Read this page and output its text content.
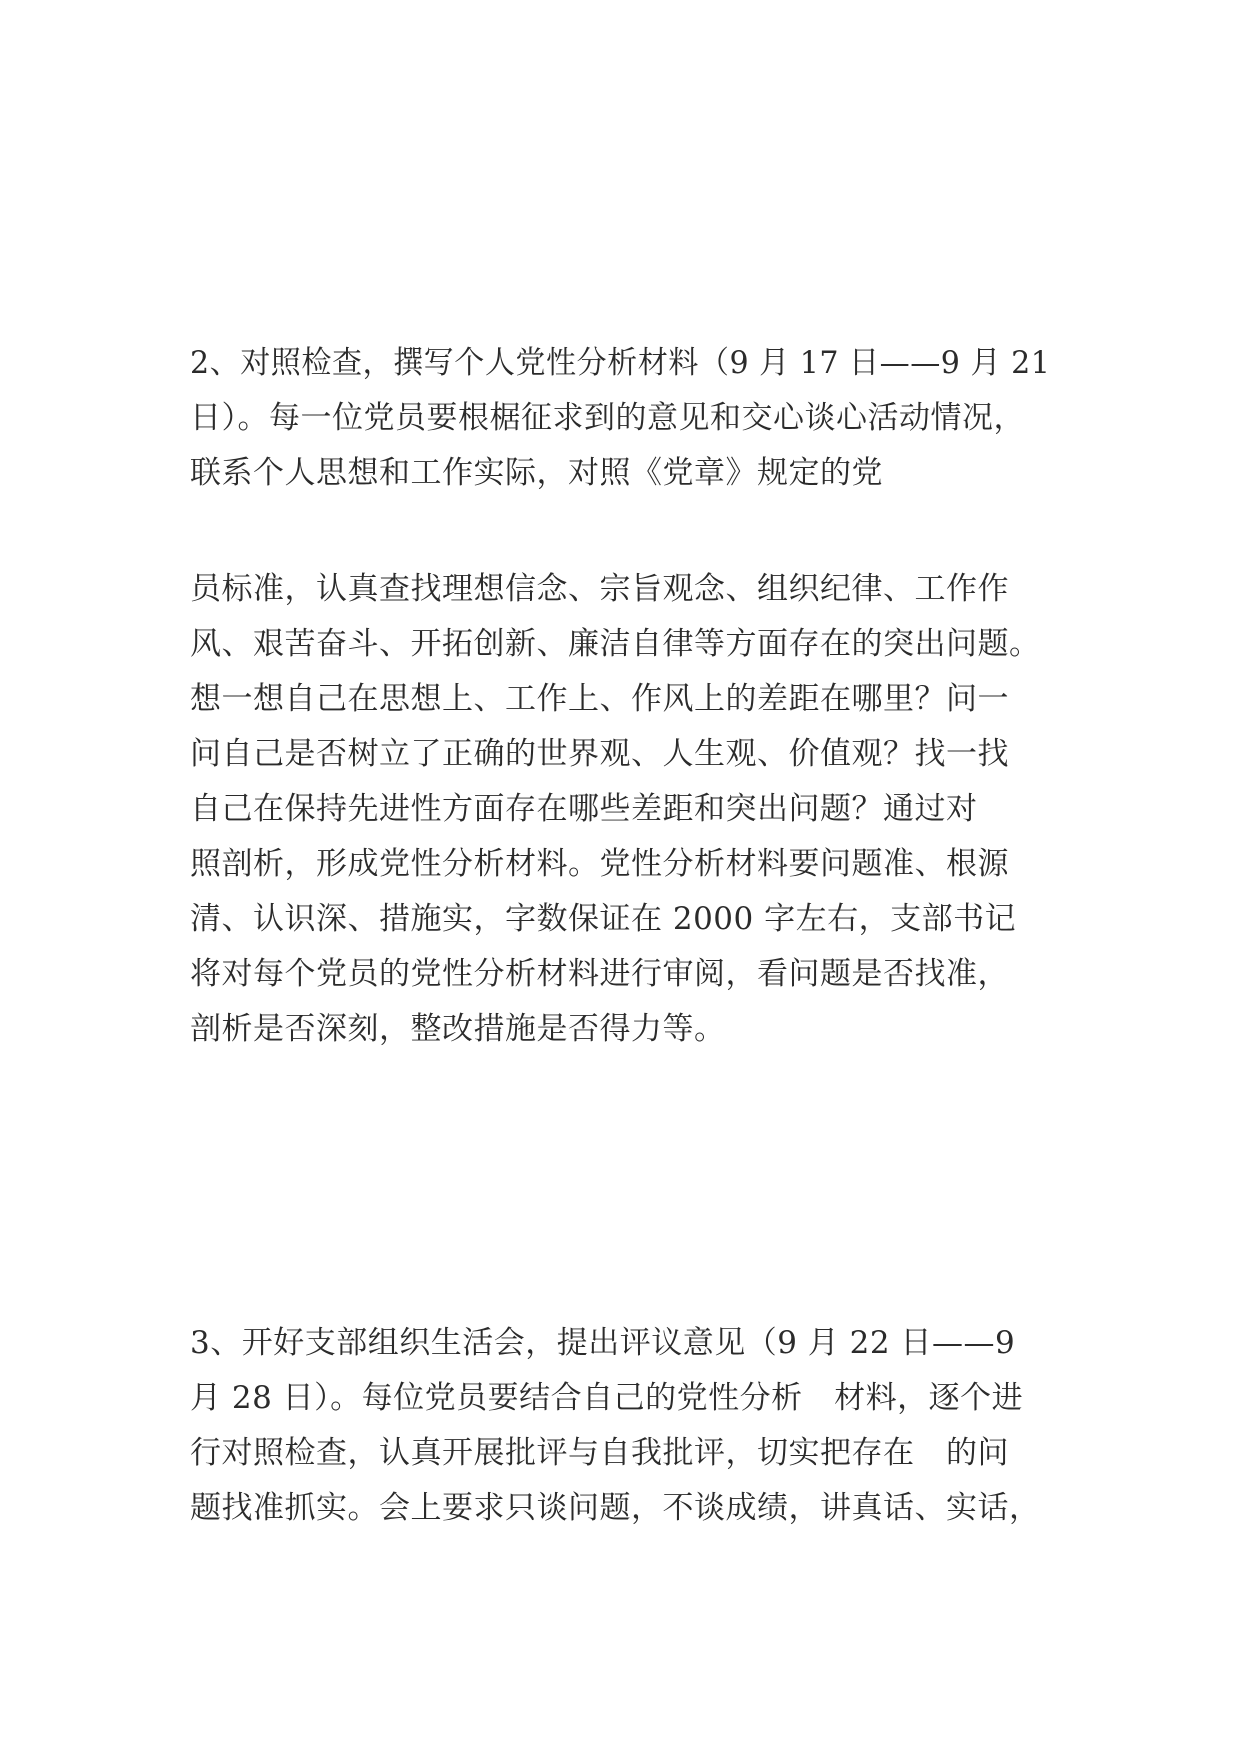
2、对照检查，撰写个人党性分析材料（9 月 17 日——9 月 21
日）。每一位党员要根椐征求到的意见和交心谈心活动情况，
联系个人思想和工作实际，对照《党章》规定的党
员标准，认真查找理想信念、宗旨观念、组织纪律、工作作
风、艰苦奋斗、开拓创新、廉洁自律等方面存在的突出问题。
想一想自己在思想上、工作上、作风上的差距在哪里？问一
问自己是否树立了正确的世界观、人生观、价值观？找一找
自己在保持先进性方面存在哪些差距和突出问题？通过对
照剖析，形成党性分析材料。党性分析材料要问题准、根源
清、认识深、措施实，字数保证在 2000 字左右，支部书记
将对每个党员的党性分析材料进行审阅，看问题是否找准，
剖析是否深刻，整改措施是否得力等。
3、开好支部组织生活会，提出评议意见（9 月 22 日——9
月 28 日）。每位党员要结合自己的党性分析　材料，逐个进
行对照检查，认真开展批评与自我批评，切实把存在　的问
题找准抓实。会上要求只谈问题，不谈成绩，讲真话、实话，
